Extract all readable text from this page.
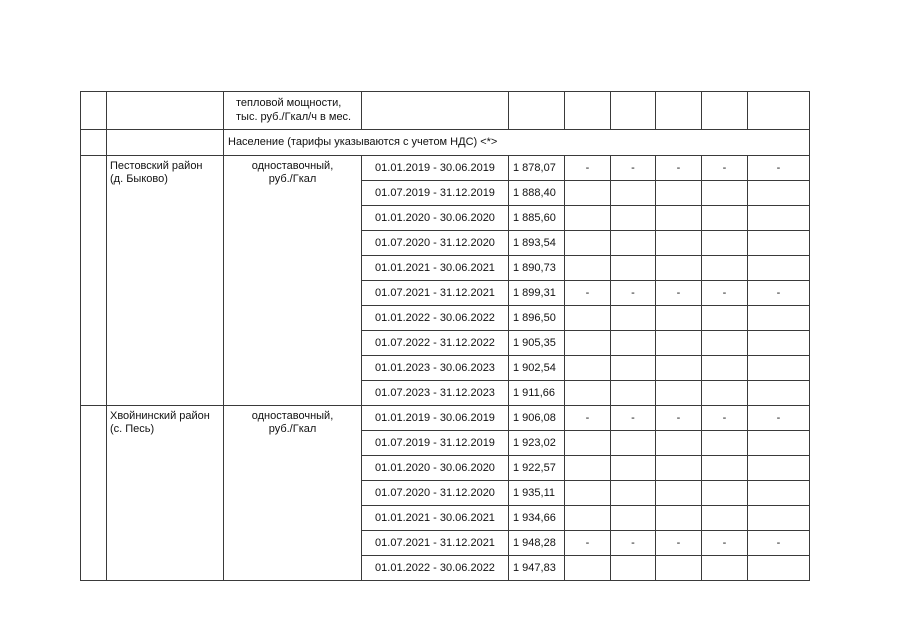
		тепловой мощности,
тыс. руб./Гкал/ч в мес.							

		Население (тарифы указываются с учетом НДС) <*>							

	Пестовский район
(д. Быково)	одноставочный,
руб./Гкал	01.01.2019 - 30.06.2019	1 878,07	-	-	-	-	-
			01.07.2019 - 31.12.2019	1 888,40					
			01.01.2020 - 30.06.2020	1 885,60					
			01.07.2020 - 31.12.2020	1 893,54					
			01.01.2021 - 30.06.2021	1 890,73					
			01.07.2021 - 31.12.2021	1 899,31	-	-	-	-	-
			01.01.2022 - 30.06.2022	1 896,50					
			01.07.2022 - 31.12.2022	1 905,35					
			01.01.2023 - 30.06.2023	1 902,54					
			01.07.2023 - 31.12.2023	1 911,66					

	Хвойнинский район
(с. Песь)	одноставочный,
руб./Гкал	01.01.2019 - 30.06.2019	1 906,08	-	-	-	-	-
			01.07.2019 - 31.12.2019	1 923,02					
			01.01.2020 - 30.06.2020	1 922,57					
			01.07.2020 - 31.12.2020	1 935,11					
			01.01.2021 - 30.06.2021	1 934,66					
			01.07.2021 - 31.12.2021	1 948,28	-	-	-	-	-
			01.01.2022 - 30.06.2022	1 947,83					
